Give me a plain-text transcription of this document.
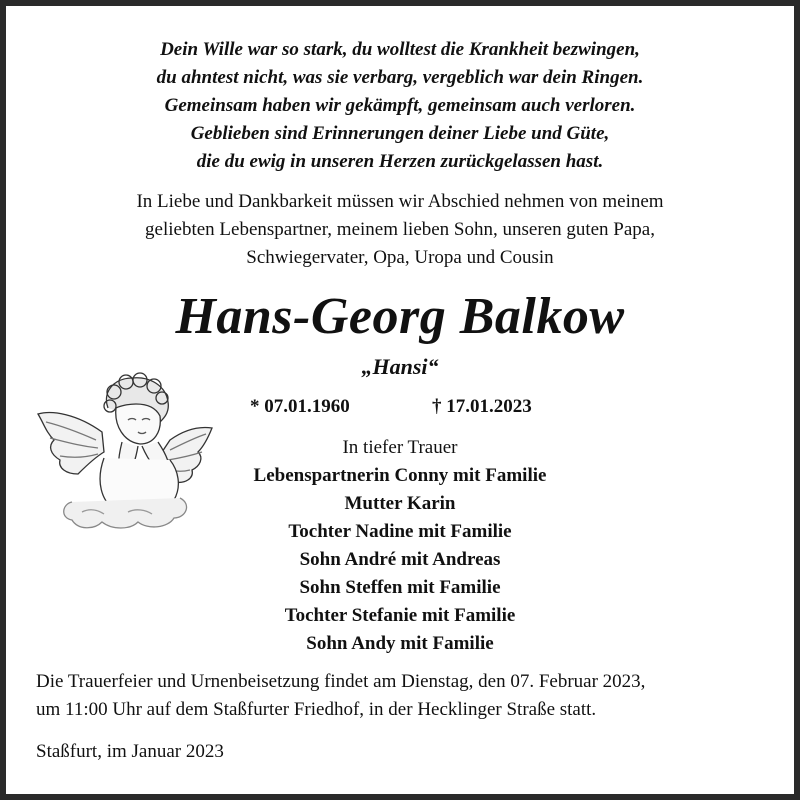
Dein Wille war so stark, du wolltest die Krankheit bezwingen,
du ahntest nicht, was sie verbarg, vergeblich war dein Ringen.
Gemeinsam haben wir gekämpft, gemeinsam auch verloren.
Geblieben sind Erinnerungen deiner Liebe und Güte,
die du ewig in unseren Herzen zurückgelassen hast.
In Liebe und Dankbarkeit müssen wir Abschied nehmen von meinem
geliebten Lebenspartner, meinem lieben Sohn, unseren guten Papa,
Schwiegervater, Opa, Uropa und Cousin
Hans-Georg Balkow
„Hansi“
* 07.01.1960	† 17.01.2023
In tiefer Trauer
Lebenspartnerin Conny mit Familie
Mutter Karin
Tochter Nadine mit Familie
Sohn André mit Andreas
Sohn Steffen mit Familie
Tochter Stefanie mit Familie
Sohn Andy mit Familie
Die Trauerfeier und Urnenbeisetzung findet am Dienstag, den 07. Februar 2023,
um 11:00 Uhr auf dem Staßfurter Friedhof, in der Hecklinger Straße statt.
Staßfurt, im Januar 2023
